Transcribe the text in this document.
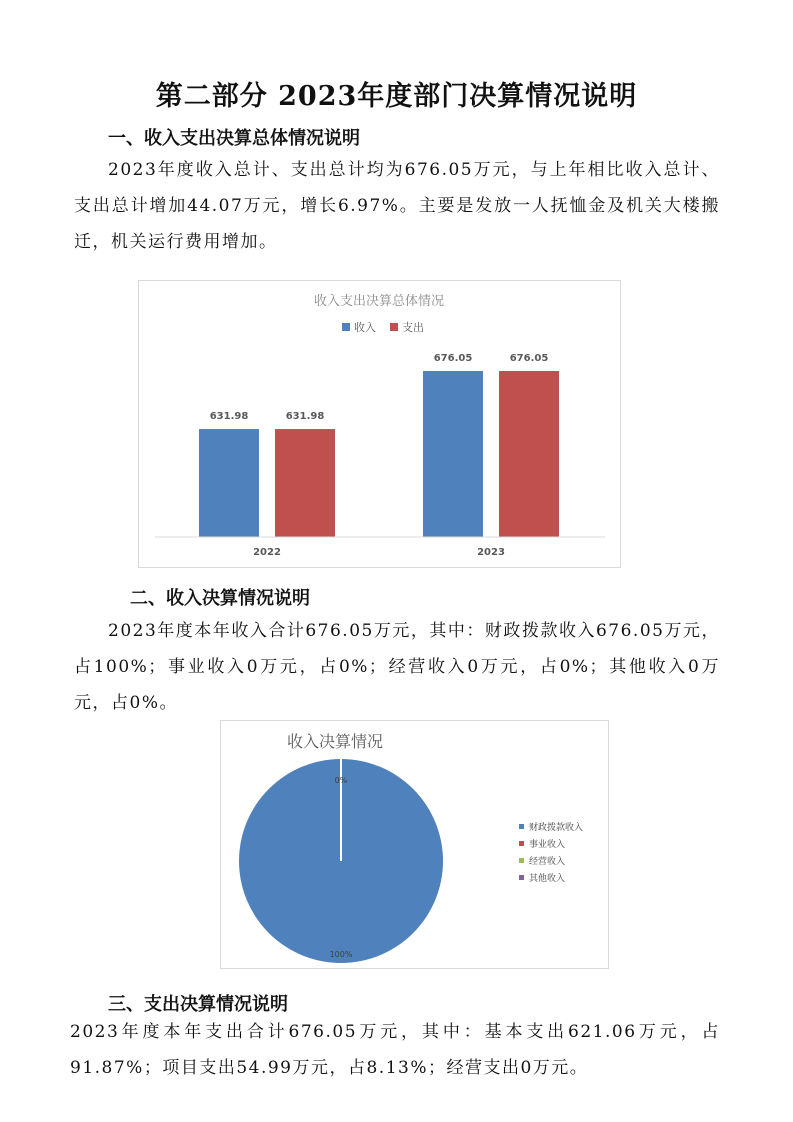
第二部分 2023年度部门决算情况说明
一、收入支出决算总体情况说明

2023年度收入总计、支出总计均为676.05万元，与上年相比收入总计、支出总计增加44.07万元，增长6.97%。主要是发放一人抚恤金及机关大楼搬迁，机关运行费用增加。

收入支出决算总体情况
收入 支出
631.98
676.05
631.98
676.05
2022	2023
二、收入决算情况说明

2023年度本年收入合计676.05万元，其中：财政拨款收入676.05万元，占100%；事业收入0万元，占0%；经营收入0万元，占0%；其他收入0万元，占0%。

收入决算情况
100%
0%
财政拨款收入
事业收入
经营收入
其他收入
三、支出决算情况说明

2023年度本年支出合计676.05万元，其中：基本支出621.06万元，占91.87%；项目支出54.99万元，占8.13%；经营支出0万元。
